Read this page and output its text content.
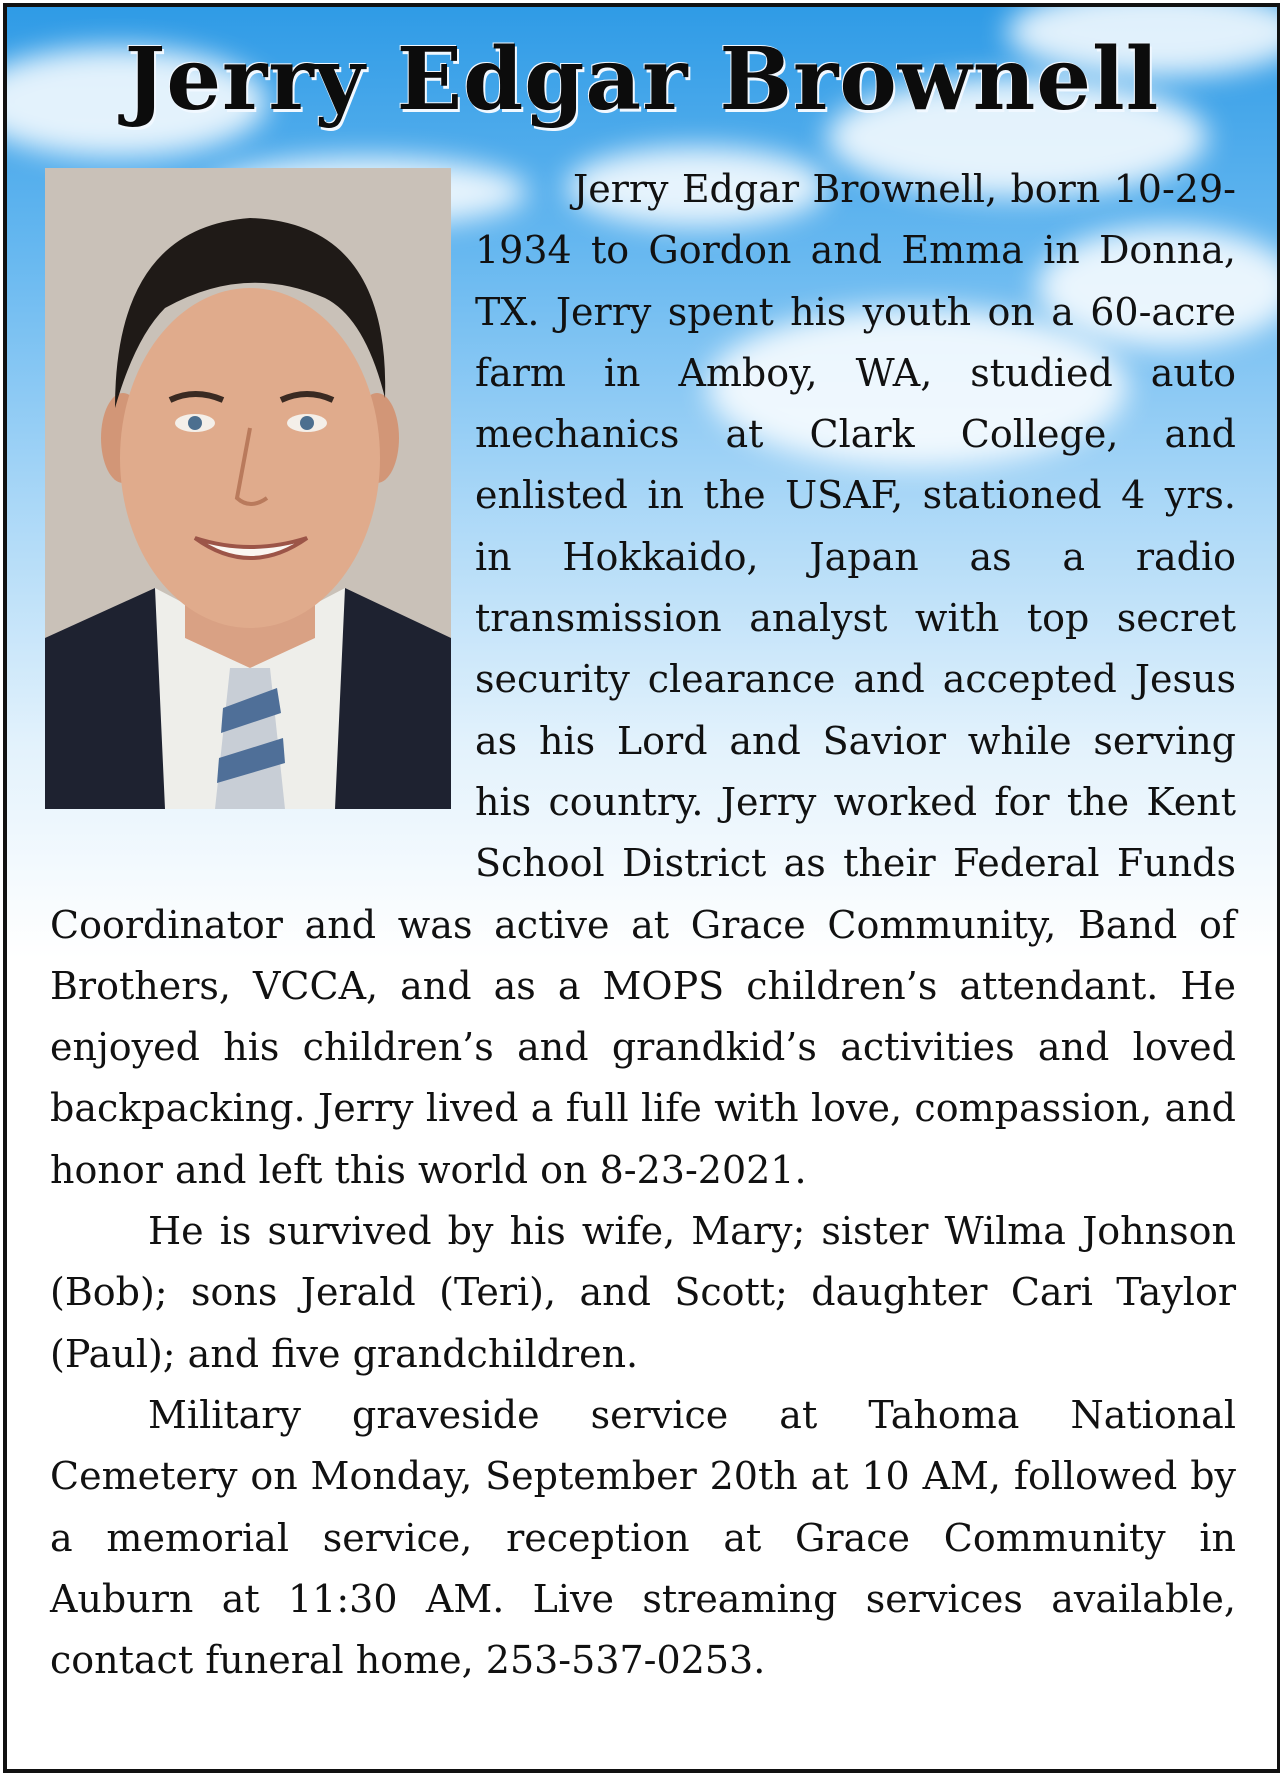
Jerry Edgar Brownell

Jerry Edgar Brownell, born 10-29-1934 to Gordon and Emma in Donna, TX. Jerry spent his youth on a 60-acre farm in Amboy, WA, studied auto mechanics at Clark College, and enlisted in the USAF, stationed 4 yrs. in Hokkaido, Japan as a radio transmission analyst with top secret security clearance and accepted Jesus as his Lord and Savior while serving his country. Jerry worked for the Kent School District as their Federal Funds Coordinator and was active at Grace Community, Band of Brothers, VCCA, and as a MOPS children’s attendant. He enjoyed his children’s and grandkid’s activities and loved backpacking. Jerry lived a full life with love, compassion, and honor and left this world on 8-23-2021.

He is survived by his wife, Mary; sister Wilma Johnson (Bob); sons Jerald (Teri), and Scott; daughter Cari Taylor (Paul); and five grandchildren.

Military graveside service at Tahoma National Cemetery on Monday, September 20th at 10 AM, followed by a memorial service, reception at Grace Community in Auburn at 11:30 AM. Live streaming services available, contact funeral home, 253-537-0253.
